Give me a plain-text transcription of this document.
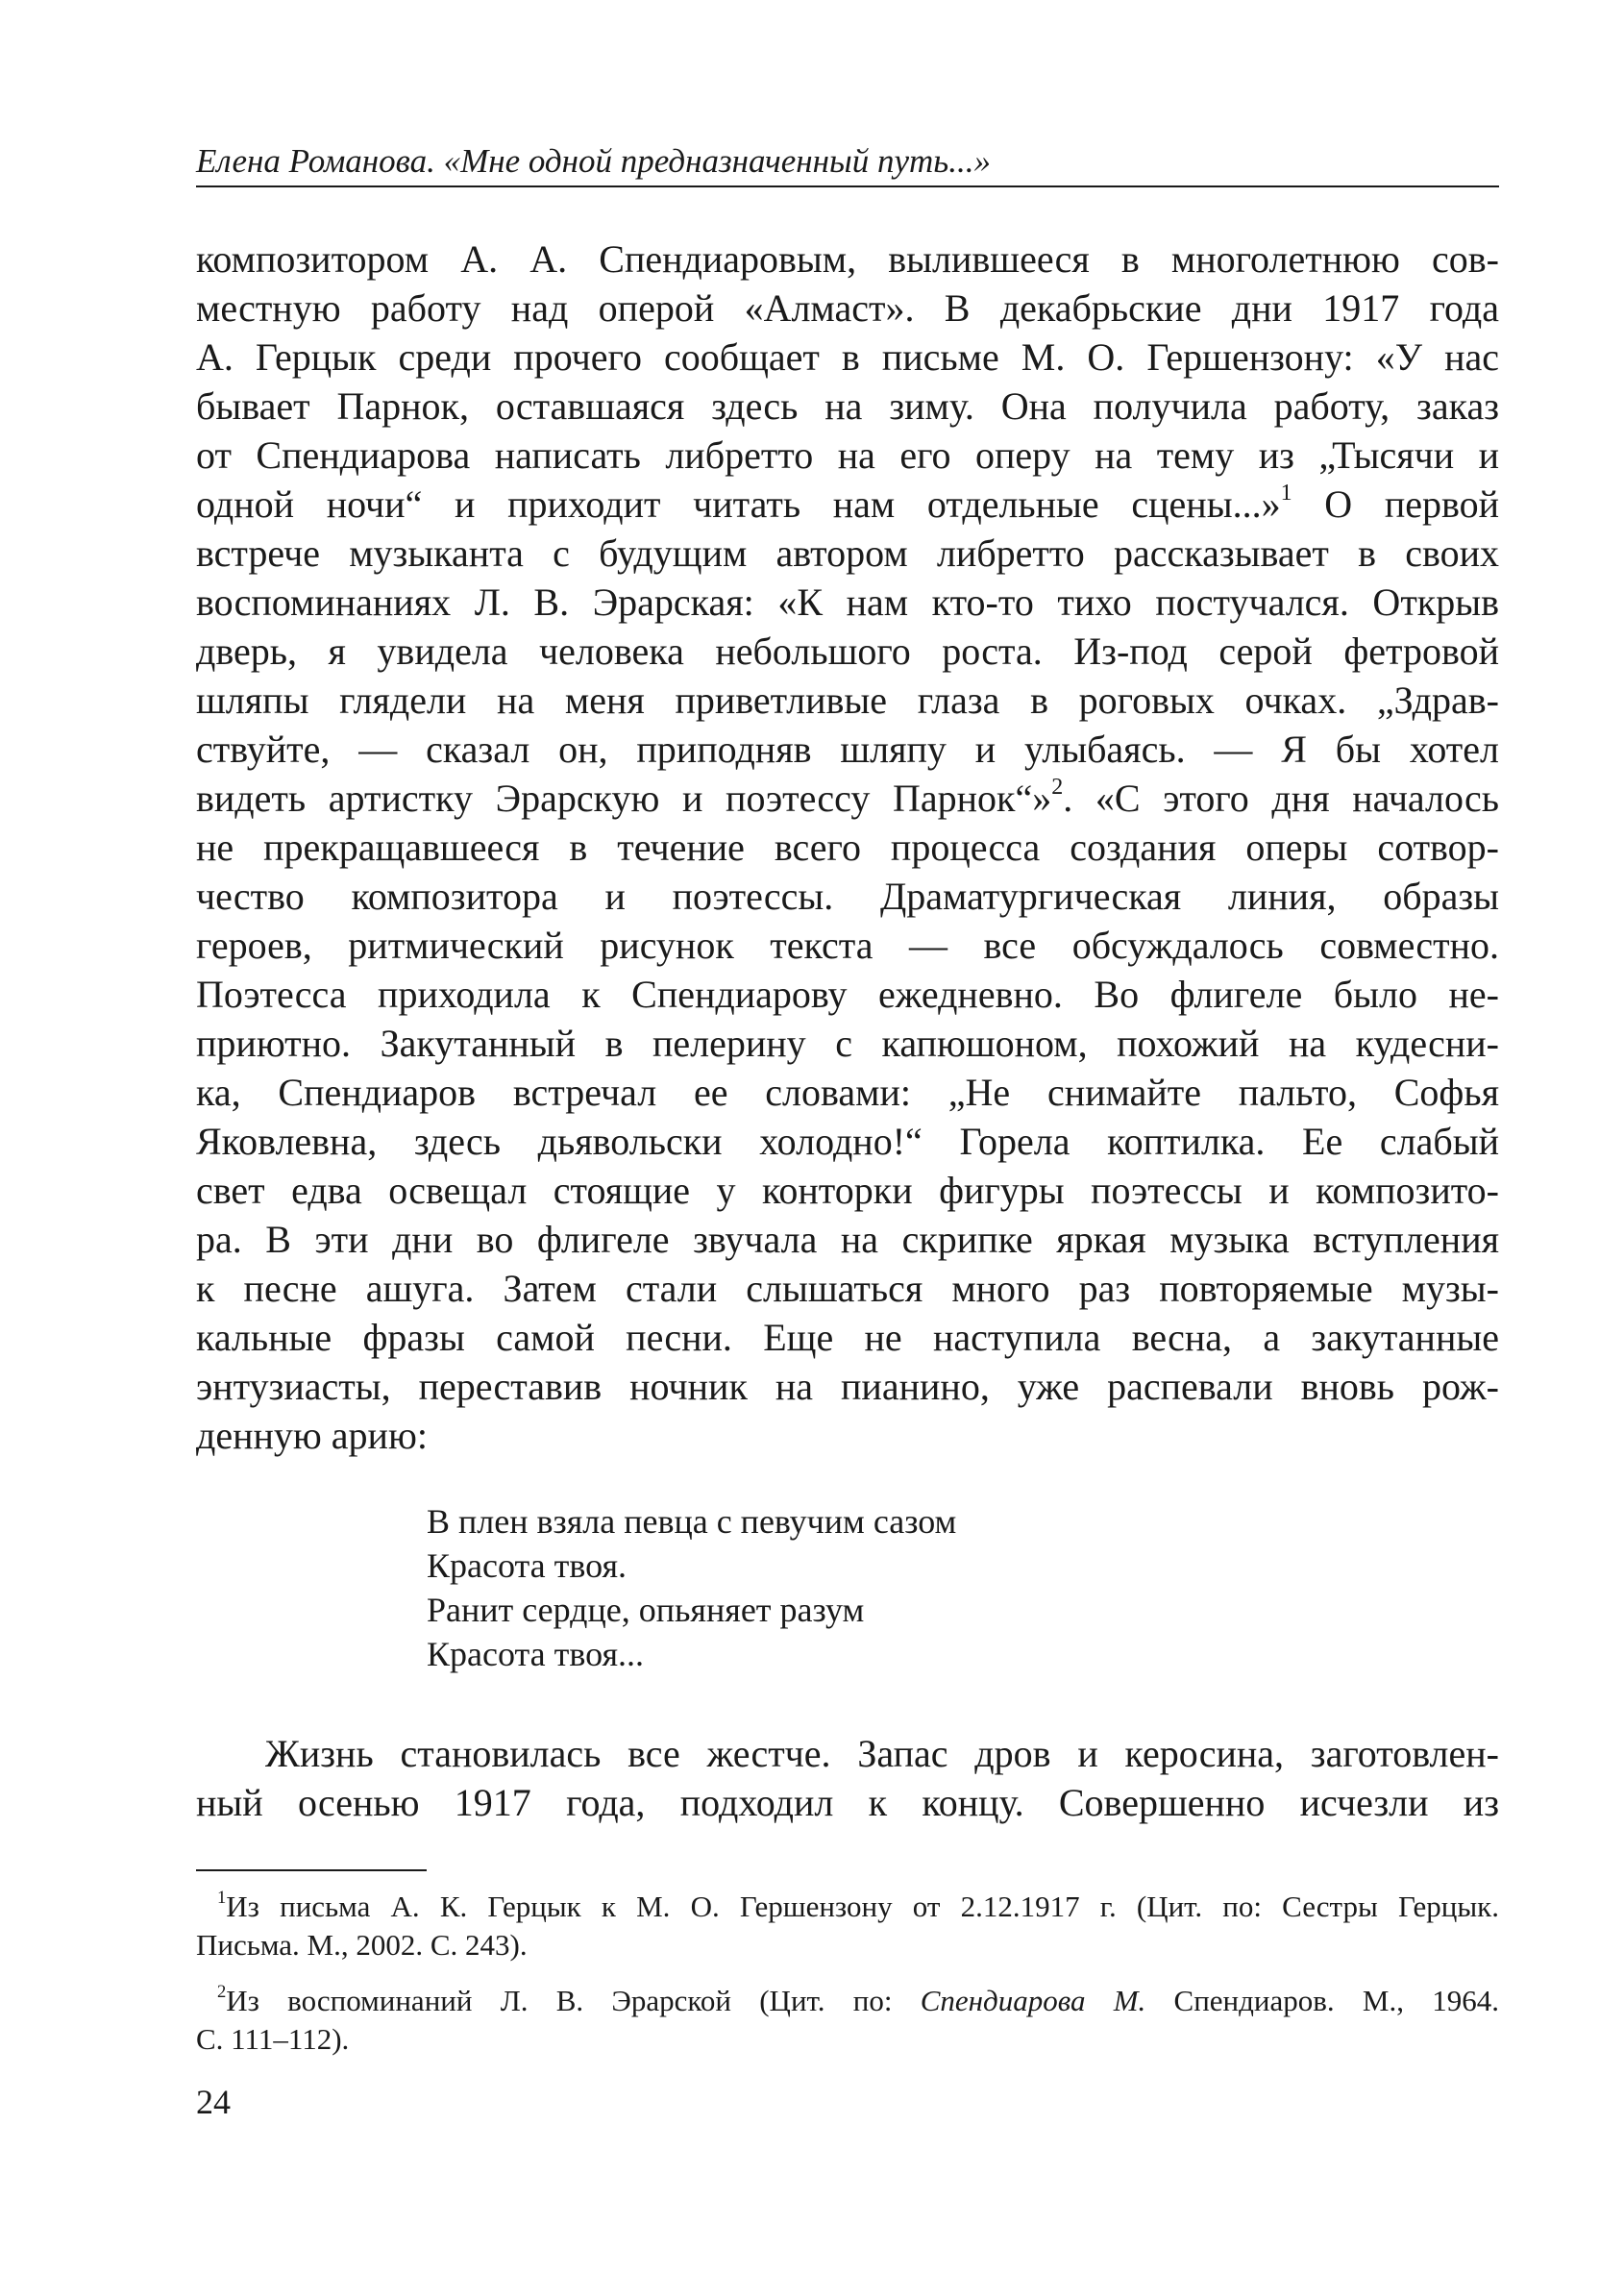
Елена Романова. «Мне одной предназначенный путь...»
композитором А. А. Спендиаровым, вылившееся в многолетнюю сов-
местную работу над оперой «Алмаст». В декабрьские дни 1917 года
А. Герцык среди прочего сообщает в письме М. О. Гершензону: «У нас
бывает Парнок, оставшаяся здесь на зиму. Она получила работу, заказ
от Спендиарова написать либретто на его оперу на тему из „Тысячи и
одной ночи“ и приходит читать нам отдельные сцены...»$^1$ О первой
встрече музыканта с будущим автором либретто рассказывает в своих
воспоминаниях Л. В. Эрарская: «К нам кто-то тихо постучался. Открыв
дверь, я увидела человека небольшого роста. Из-под серой фетровой
шляпы глядели на меня приветливые глаза в роговых очках. „Здрав-
ствуйте, — сказал он, приподняв шляпу и улыбаясь. — Я бы хотел
видеть артистку Эрарскую и поэтессу Парнок“»$^2$. «С этого дня началось
не прекращавшееся в течение всего процесса создания оперы сотвор-
чество композитора и поэтессы. Драматургическая линия, образы
героев, ритмический рисунок текста — все обсуждалось совместно.
Поэтесса приходила к Спендиарову ежедневно. Во флигеле было не-
приютно. Закутанный в пелерину с капюшоном, похожий на кудесни-
ка, Спендиаров встречал ее словами: „Не снимайте пальто, Софья
Яковлевна, здесь дьявольски холодно!“ Горела коптилка. Ее слабый
свет едва освещал стоящие у конторки фигуры поэтессы и композито-
ра. В эти дни во флигеле звучала на скрипке яркая музыка вступления
к песне ашуга. Затем стали слышаться много раз повторяемые музы-
кальные фразы самой песни. Еще не наступила весна, а закутанные
энтузиасты, переставив ночник на пианино, уже распевали вновь рож-
денную арию:
В плен взяла певца с певучим сазом
Красота твоя.
Ранит сердце, опьяняет разум
Красота твоя...
Жизнь становилась все жестче. Запас дров и керосина, заготовлен-
ный осенью 1917 года, подходил к концу. Совершенно исчезли из
$^1$Из письма А. К. Герцык к М. О. Гершензону от 2.12.1917 г. (Цит. по: Сестры Герцык.
Письма. М., 2002. С. 243).
$^2$Из воспоминаний Л. В. Эрарской (Цит. по: Спендиарова М. Спендиаров. М., 1964.
С. 111–112).
24
